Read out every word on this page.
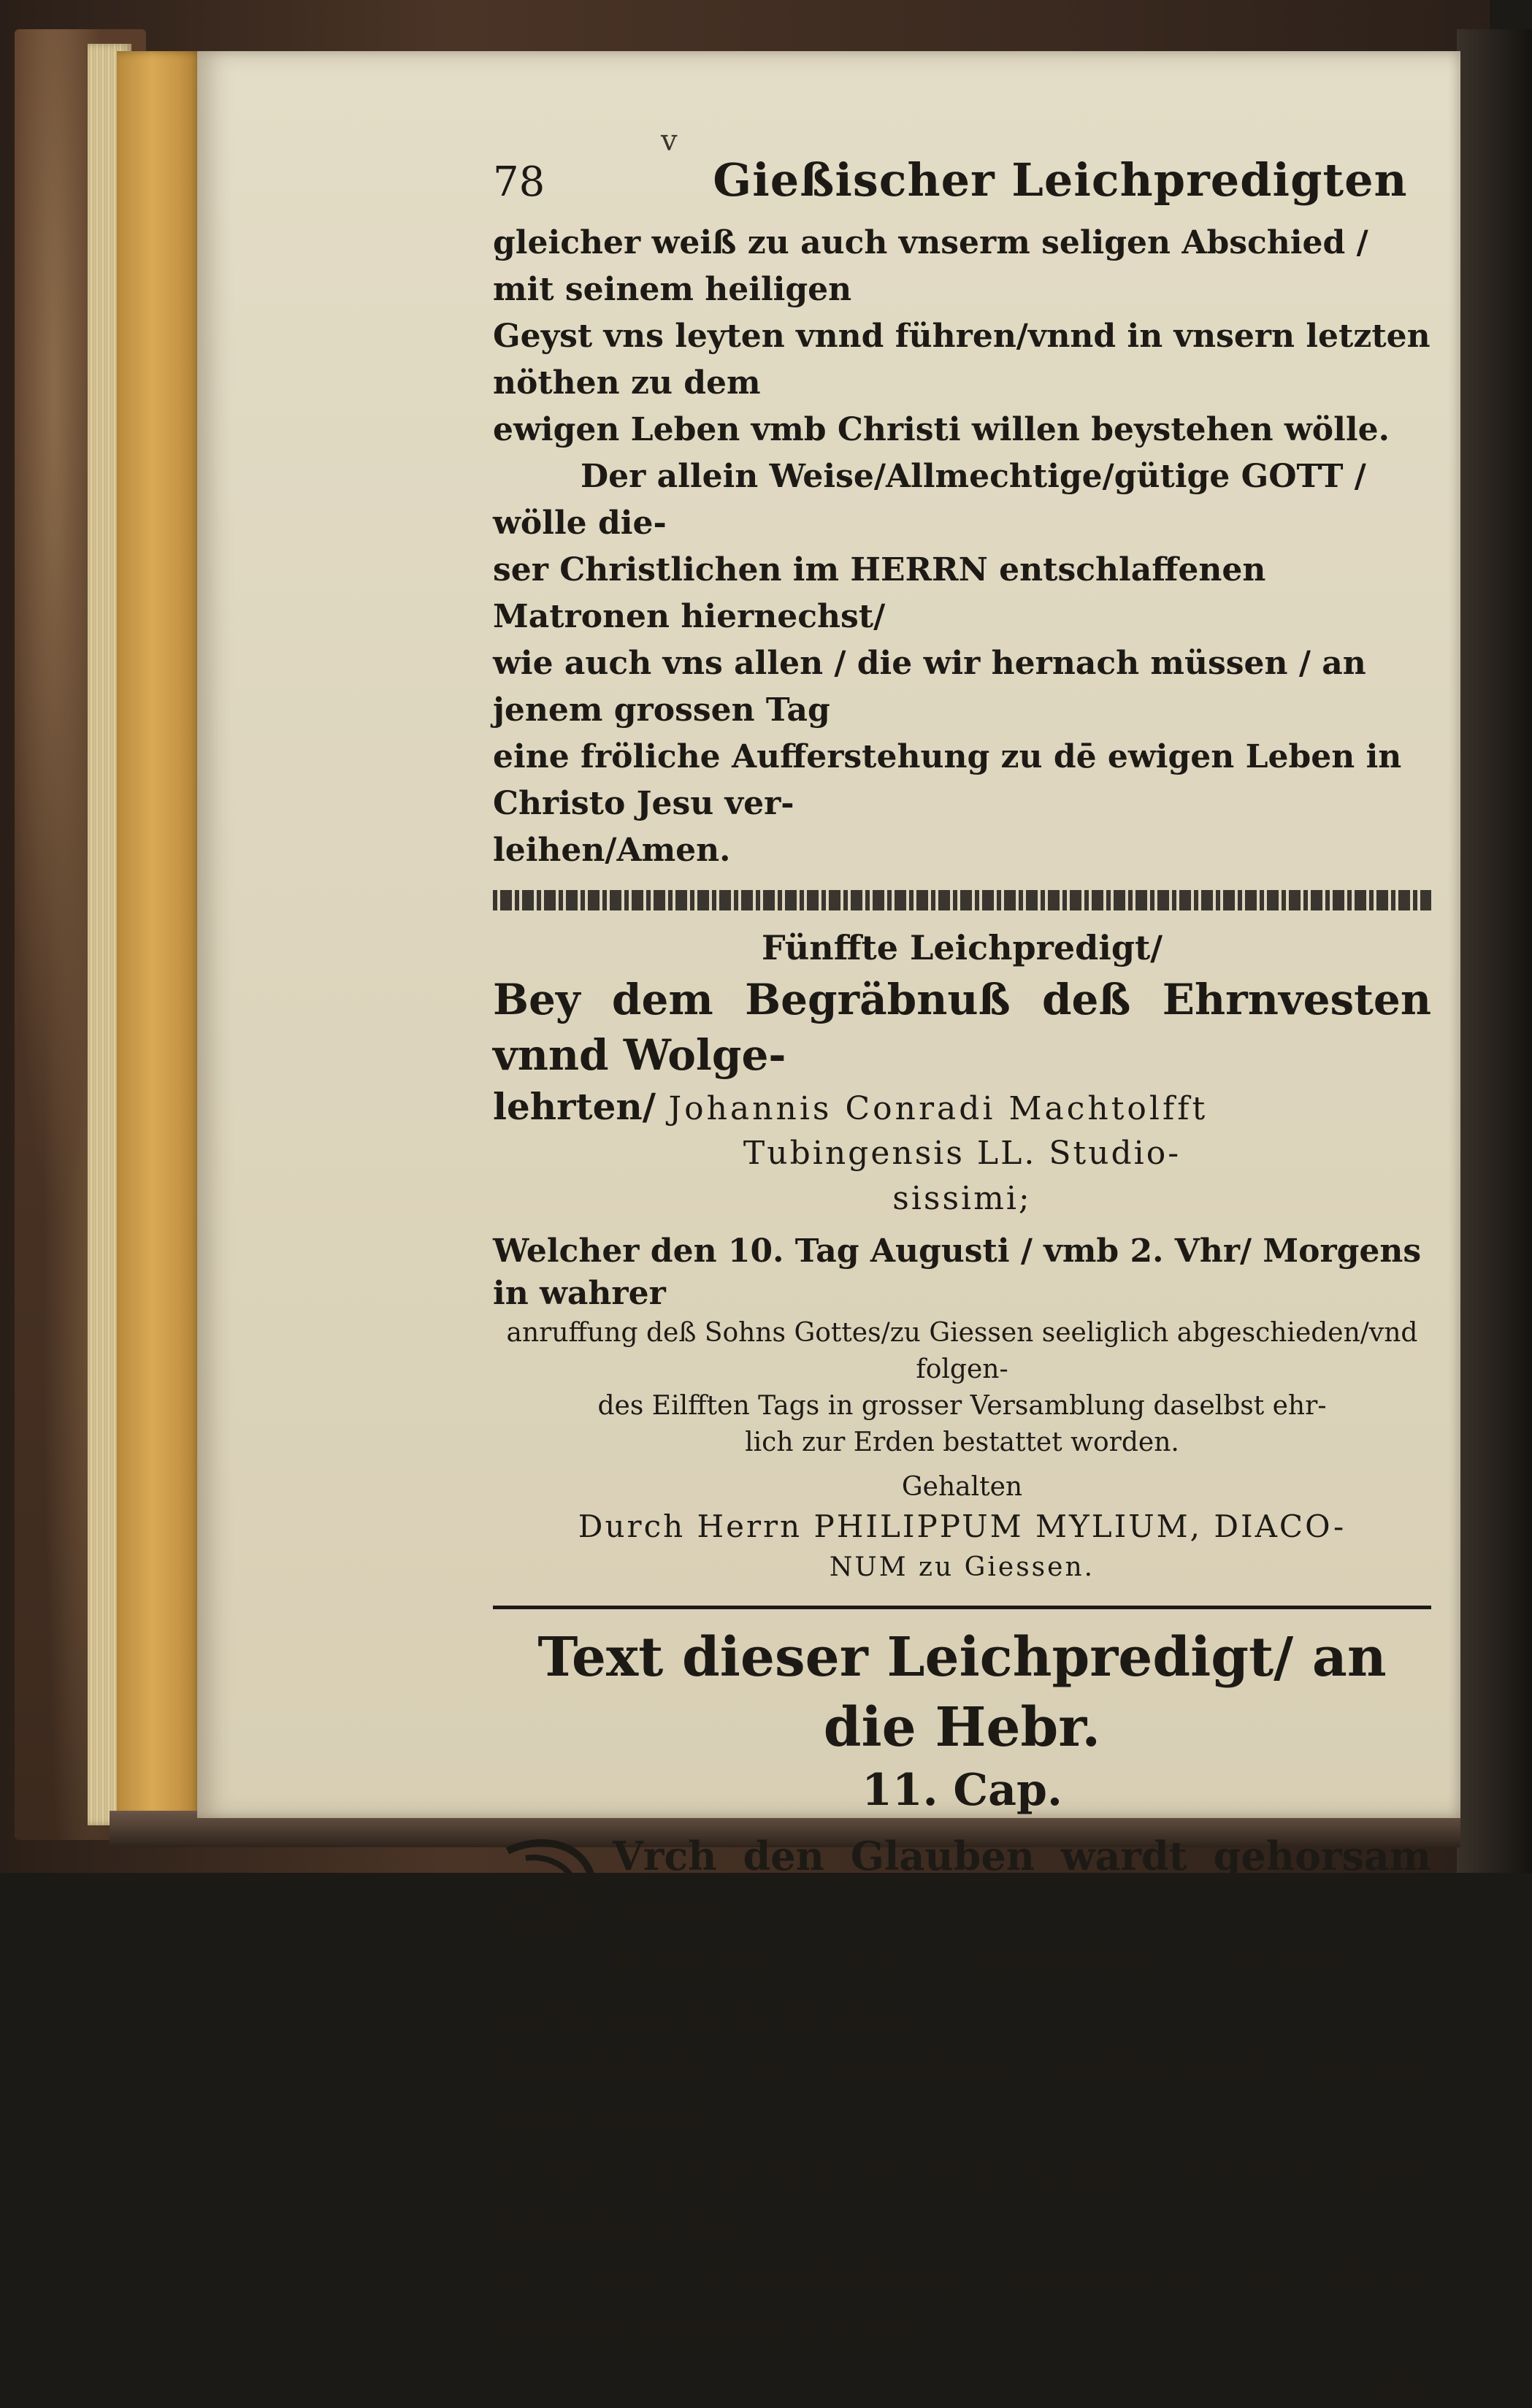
v
78	Gießischer Leichpredigten

gleicher weiß zu auch vnserm seligen Abschied / mit seinem heiligen

Geyst vns leyten vnnd führen/vnnd in vnsern letzten nöthen zu dem

ewigen Leben vmb Christi willen beystehen wölle.

Der allein Weise/Allmechtige/gütige GOTT / wölle die-

ser Christlichen im HERRN entschlaffenen Matronen hiernechst/

wie auch vns allen / die wir hernach müssen / an jenem grossen Tag

eine fröliche Aufferstehung zu dē ewigen Leben in Christo Jesu ver-

leihen/Amen.

Fünffte Leichpredigt/

Bey dem Begräbnuß deß Ehrnvesten vnnd Wolge-

lehrten/ Johannis Conradi Machtolfft

Tubingensis LL. Studio-

sissimi;

Welcher den 10. Tag Augusti / vmb 2. Vhr/ Morgens in wahrer

anruffung deß Sohns Gottes/zu Giessen seeliglich abgeschieden/vnd folgen-

des Eilfften Tags in grosser Versamblung daselbst ehr-

lich zur Erden bestattet worden.

Gehalten

Durch Herrn PHILIPPUM MYLIUM, DIACO-

NUM zu Giessen.

Text dieser Leichpredigt/ an die Hebr.

11. Cap.

Vrch den Glauben wardt gehorsam Abra-

ham/da er beruffen ward / außzugehen in das

Land/daß er ererben solte/vnd gieng auß/vnnd

wuste nicht/wo er hin käme. Durch den Glauben ist

er ein Frembdling gewesen in dem verheyssenen Land/

als
